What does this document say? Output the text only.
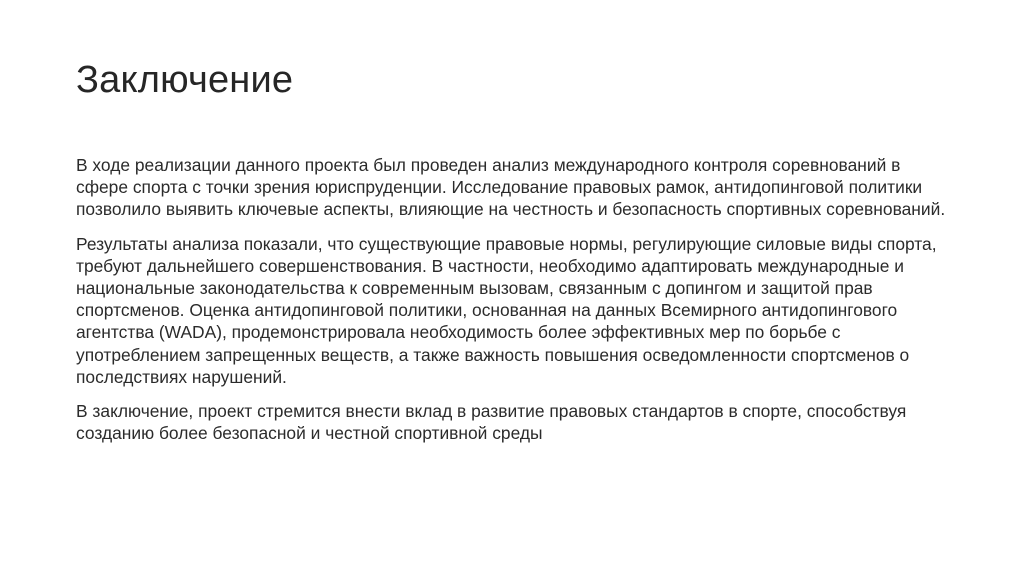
Заключение

В ходе реализации данного проекта был проведен анализ международного контроля соревнований в сфере спорта с точки зрения юриспруденции. Исследование правовых рамок, антидопинговой политики позволило выявить ключевые аспекты, влияющие на честность и безопасность спортивных соревнований.

Результаты анализа показали, что существующие правовые нормы, регулирующие силовые виды спорта, требуют дальнейшего совершенствования. В частности, необходимо адаптировать международные и национальные законодательства к современным вызовам, связанным с допингом и защитой прав спортсменов. Оценка антидопинговой политики, основанная на данных Всемирного антидопингового агентства (WADA), продемонстрировала необходимость более эффективных мер по борьбе с употреблением запрещенных веществ, а также важность повышения осведомленности спортсменов о последствиях нарушений.

В заключение, проект стремится внести вклад в развитие правовых стандартов в спорте, способствуя созданию более безопасной и честной спортивной среды
